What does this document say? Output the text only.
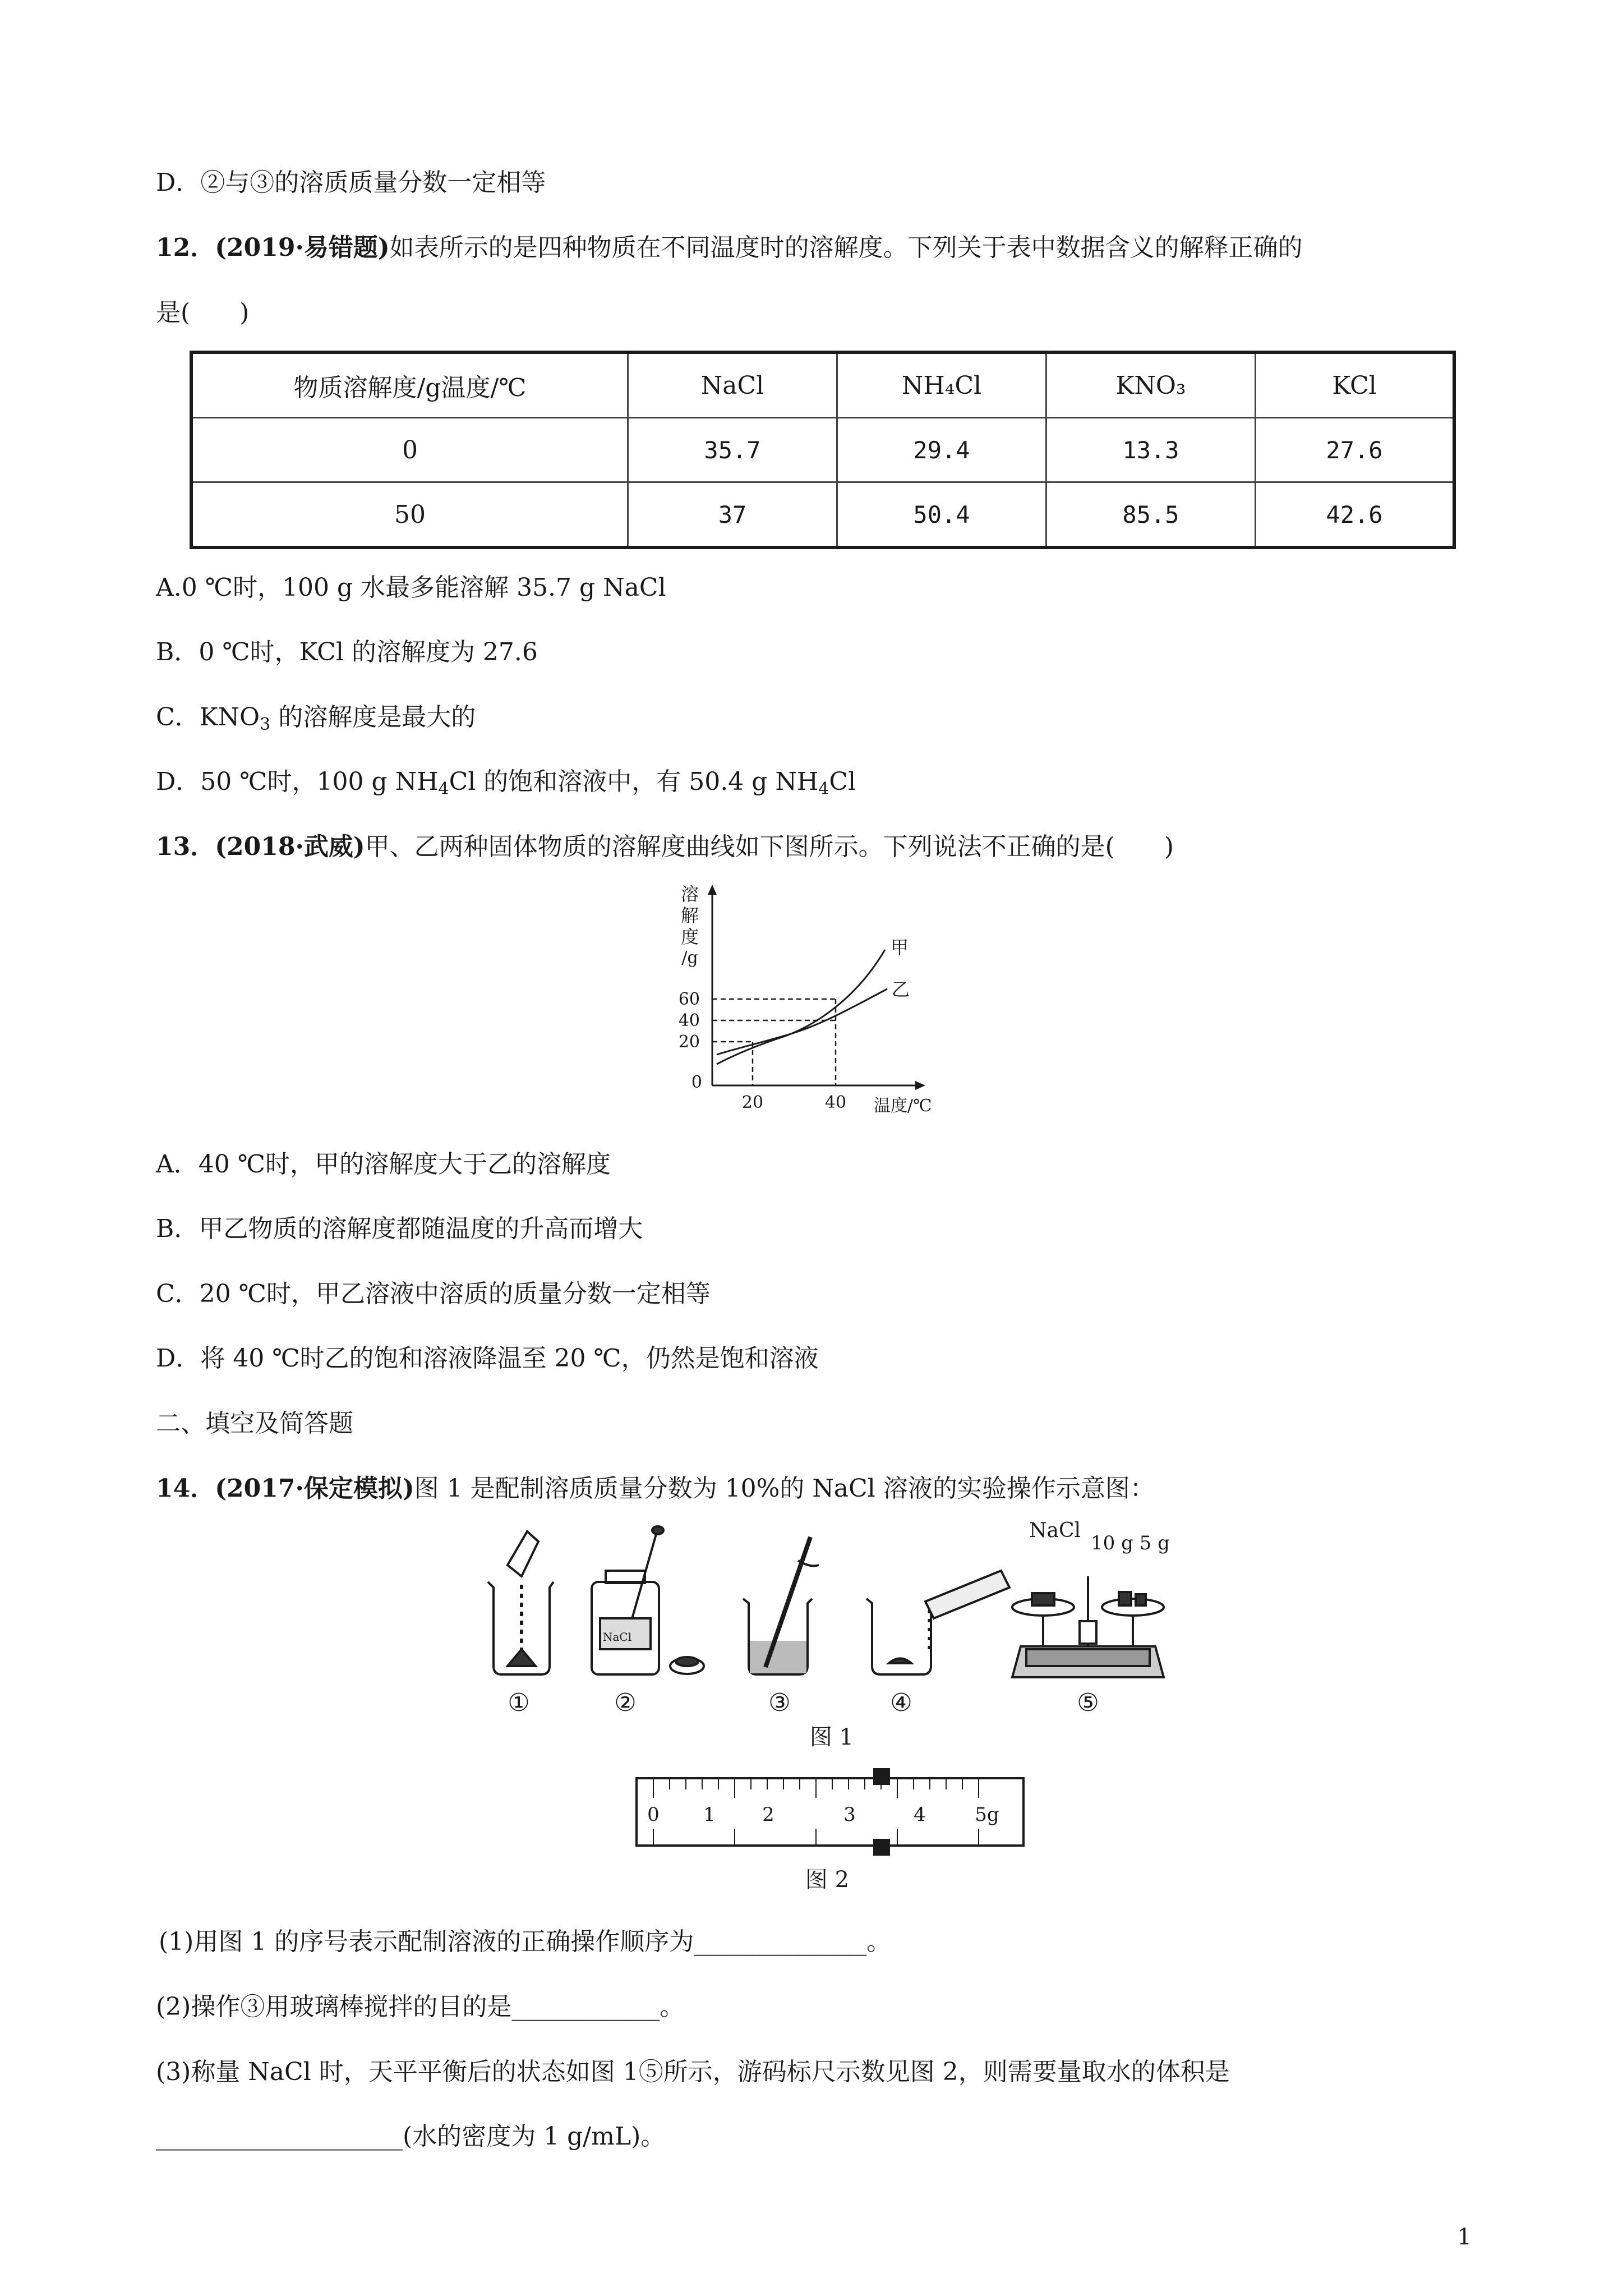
D．②与③的溶质质量分数一定相等
12．(2019·易错题)如表所示的是四种物质在不同温度时的溶解度。下列关于表中数据含义的解释正确的
是(　　)
物质溶解度/g温度/℃	NaCl	NH₄Cl	KNO₃	KCl
0	35.7	29.4	13.3	27.6
50	37	50.4	85.5	42.6
A.0 ℃时，100 g 水最多能溶解 35.7 g NaCl
B．0 ℃时，KCl 的溶解度为 27.6
C．$KNO_3$ 的溶解度是最大的
D．50 ℃时，100 g $NH_4Cl$ 的饱和溶液中，有 50.4 g $NH_4Cl$
13．(2018·武威)甲、乙两种固体物质的溶解度曲线如下图所示。下列说法不正确的是(　　)
溶
解
度
/g
60
40
20
0
甲
乙
20	40 温度/℃
A．40 ℃时，甲的溶解度大于乙的溶解度
B．甲乙物质的溶解度都随温度的升高而增大
C．20 ℃时，甲乙溶液中溶质的质量分数一定相等
D．将 40 ℃时乙的饱和溶液降温至 20 ℃，仍然是饱和溶液
二、填空及简答题
14．(2017·保定模拟)图 1 是配制溶质质量分数为 10%的 NaCl 溶液的实验操作示意图：
NaCl
NaCl
10 g 5 g
①	②	③	④	⑤
图 1
0 1 2	3	4	5g
图 2
(1)用图 1 的序号表示配制溶液的正确操作顺序为______________。
(2)操作③用玻璃棒搅拌的目的是____________。
(3)称量 NaCl 时，天平平衡后的状态如图 1⑤所示，游码标尺示数见图 2，则需要量取水的体积是
____________________(水的密度为 1 g/mL)。
1
